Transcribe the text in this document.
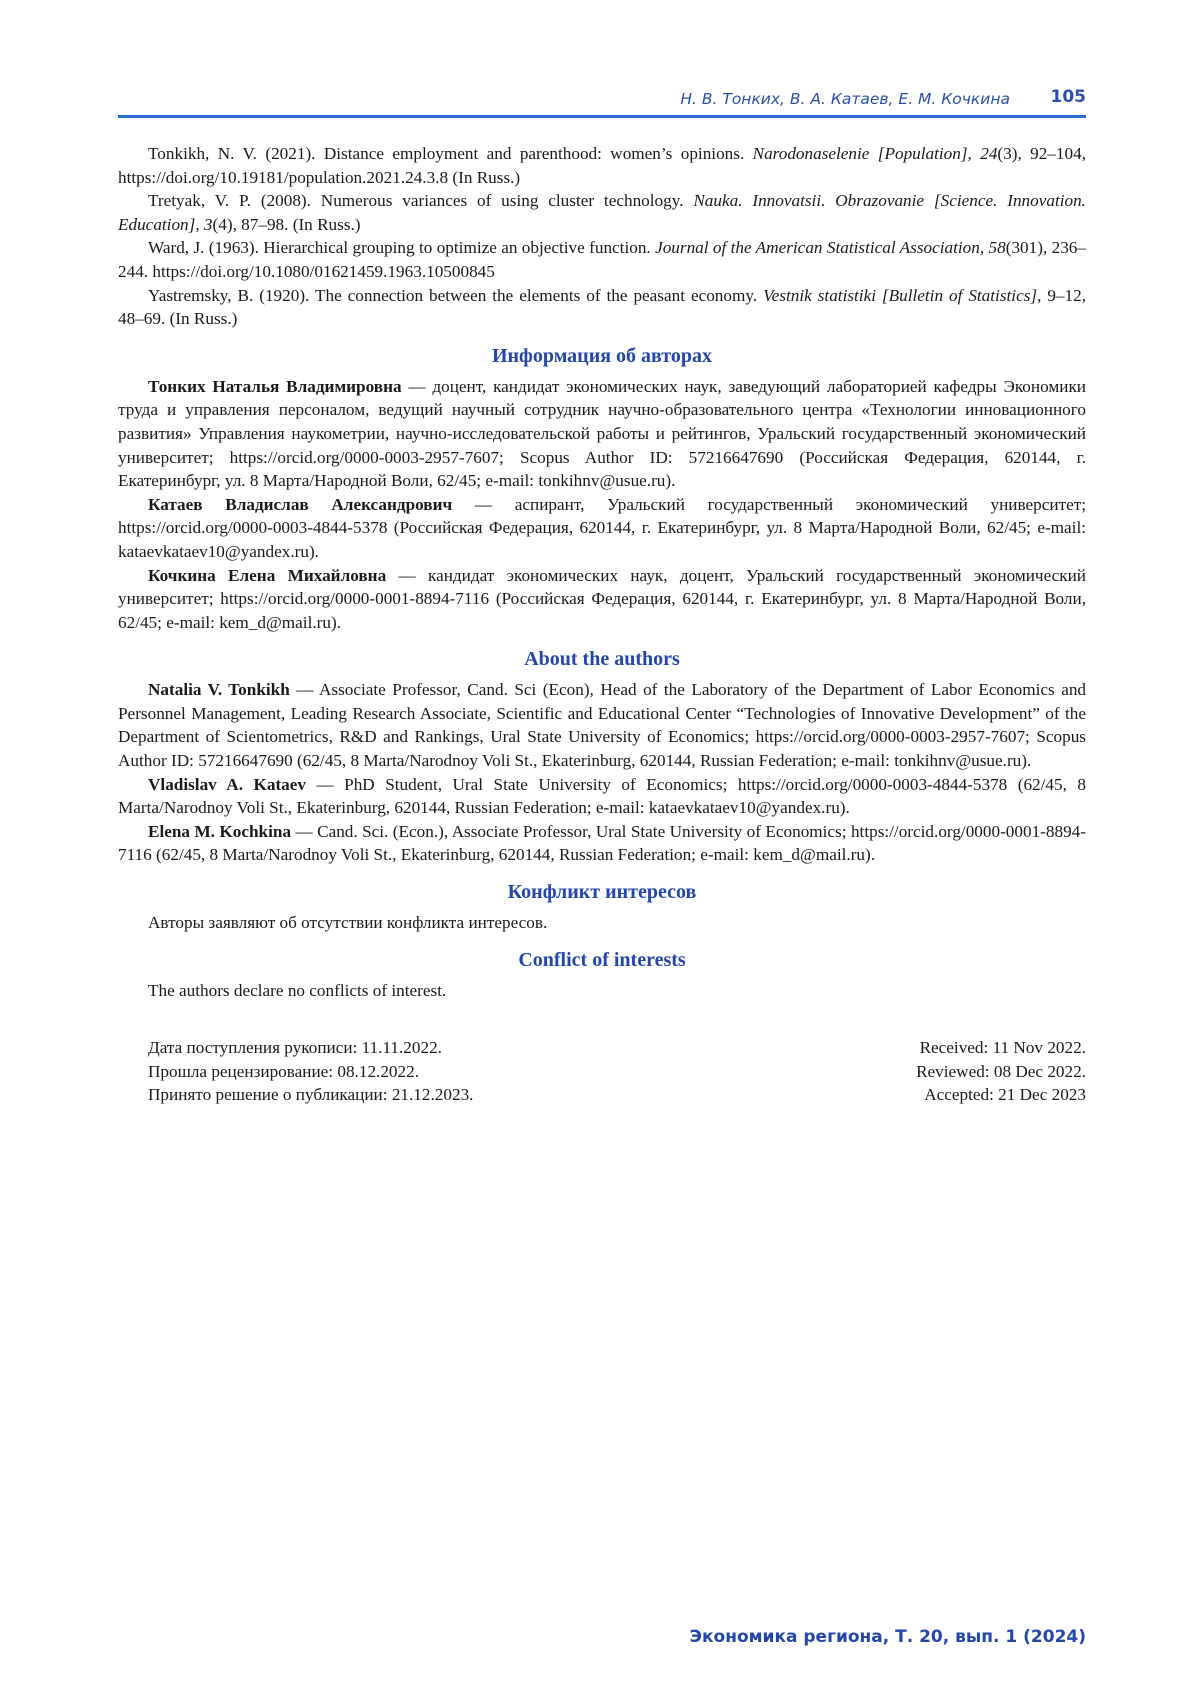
Н. В. Тонких, В. А. Катаев, Е. М. Кочкина 105

Tonkikh, N. V. (2021). Distance employment and parenthood: women’s opinions. Narodonaselenie [Population], 24(3), 92–104, https://doi.org/10.19181/population.2021.24.3.8 (In Russ.)

Tretyak, V. P. (2008). Numerous variances of using cluster technology. Nauka. Innovatsii. Obrazovanie [Science. Innovation. Education], 3(4), 87–98. (In Russ.)

Ward, J. (1963). Hierarchical grouping to optimize an objective function. Journal of the American Statistical Association, 58(301), 236–244. https://doi.org/10.1080/01621459.1963.10500845

Yastremsky, B. (1920). The connection between the elements of the peasant economy. Vestnik statistiki [Bulletin of Statistics], 9–12, 48–69. (In Russ.)

Информация об авторах

Тонких Наталья Владимировна — доцент, кандидат экономических наук, заведующий лабораторией кафедры Экономики труда и управления персоналом, ведущий научный сотрудник научно-образовательного центра «Технологии инновационного развития» Управления наукометрии, научно-исследовательской работы и рейтингов, Уральский государственный экономический университет; https://orcid.org/0000-0003-2957-7607; Scopus Author ID: 57216647690 (Российская Федерация, 620144, г. Екатеринбург, ул. 8 Марта/Народной Воли, 62/45; e-mail: tonkihnv@usue.ru).

Катаев Владислав Александрович — аспирант, Уральский государственный экономический университет; https://orcid.org/0000-0003-4844-5378 (Российская Федерация, 620144, г. Екатеринбург, ул. 8 Марта/Народной Воли, 62/45; e-mail: kataevkataev10@yandex.ru).

Кочкина Елена Михайловна — кандидат экономических наук, доцент, Уральский государственный экономический университет; https://orcid.org/0000-0001-8894-7116 (Российская Федерация, 620144, г. Екатеринбург, ул. 8 Марта/Народной Воли, 62/45; e-mail: kem_d@mail.ru).

About the authors

Natalia V. Tonkikh — Associate Professor, Cand. Sci (Econ), Head of the Laboratory of the Department of Labor Economics and Personnel Management, Leading Research Associate, Scientific and Educational Center “Technologies of Innovative Development” of the Department of Scientometrics, R&D and Rankings, Ural State University of Economics; https://orcid.org/0000-0003-2957-7607; Scopus Author ID: 57216647690 (62/45, 8 Marta/Narodnoy Voli St., Ekaterinburg, 620144, Russian Federation; e-mail: tonkihnv@usue.ru).

Vladislav A. Kataev — PhD Student, Ural State University of Economics; https://orcid.org/0000-0003-4844-5378 (62/45, 8 Marta/Narodnoy Voli St., Ekaterinburg, 620144, Russian Federation; e-mail: kataevkataev10@yandex.ru).

Elena M. Kochkina — Cand. Sci. (Econ.), Associate Professor, Ural State University of Economics; https://orcid.org/0000-0001-8894-7116 (62/45, 8 Marta/Narodnoy Voli St., Ekaterinburg, 620144, Russian Federation; e-mail: kem_d@mail.ru).

Конфликт интересов

Авторы заявляют об отсутствии конфликта интересов.

Conflict of interests

The authors declare no conflicts of interest.

Дата поступления рукописи: 11.11.2022.
Прошла рецензирование: 08.12.2022.
Принято решение о публикации: 21.12.2023.
Received: 11 Nov 2022.
Reviewed: 08 Dec 2022.
Accepted: 21 Dec 2023
Экономика региона, Т. 20, вып. 1 (2024)
